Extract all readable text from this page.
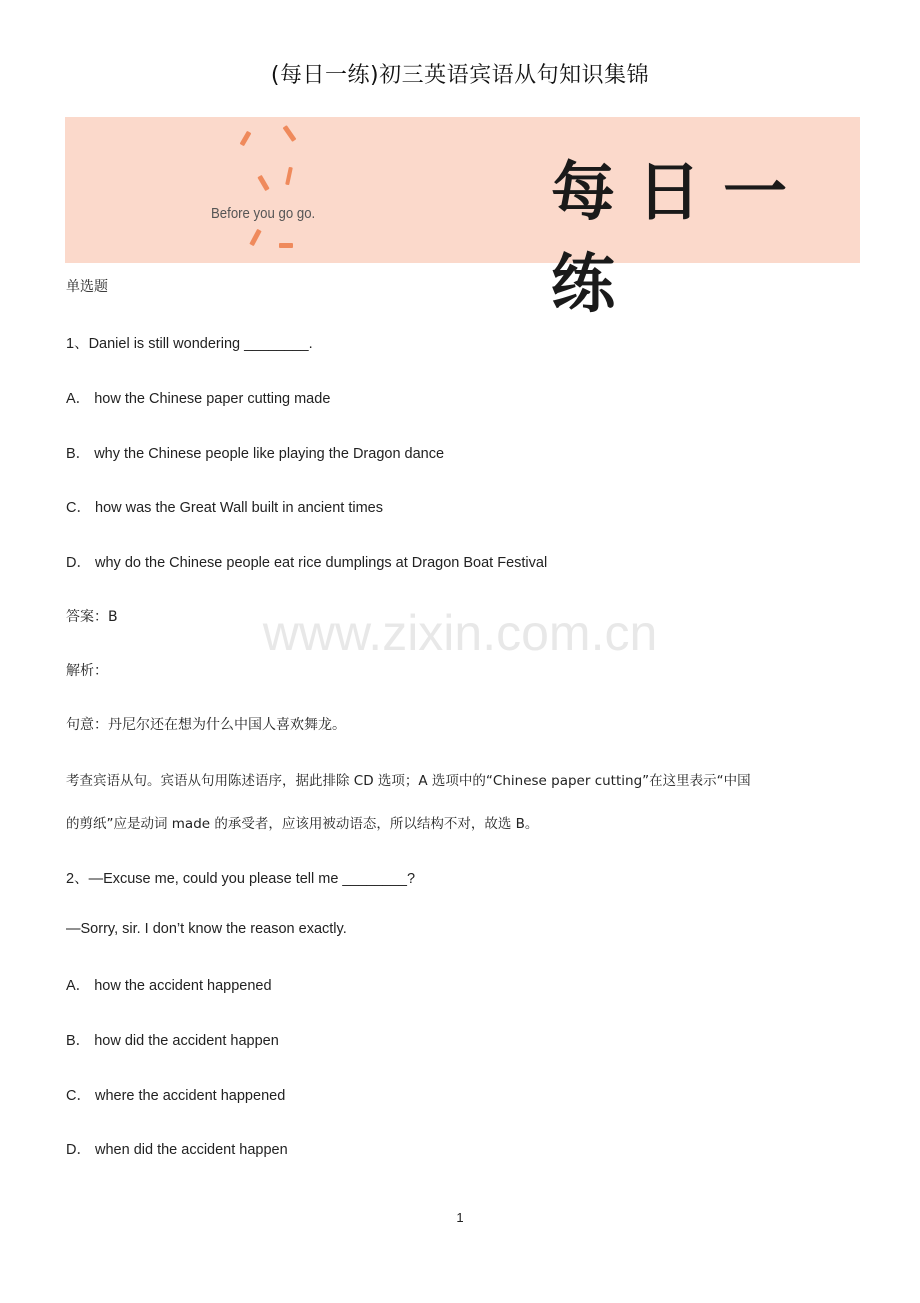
(每日一练)初三英语宾语从句知识集锦
Before you go go.	每日一练
单选题
1、Daniel is still wondering ________.
A． how the Chinese paper cutting made
B． why the Chinese people like playing the Dragon dance
C． how was the Great Wall built in ancient times
D． why do the Chinese people eat rice dumplings at Dragon Boat Festival
答案：B
解析：
句意：丹尼尔还在想为什么中国人喜欢舞龙。
考查宾语从句。宾语从句用陈述语序，据此排除 CD 选项；A 选项中的“Chinese paper cutting”在这里表示“中国
的剪纸”应是动词 made 的承受者，应该用被动语态，所以结构不对，故选 B。
2、—Excuse me, could you please tell me ________?
—Sorry, sir. I don’t know the reason exactly.
A． how the accident happened
B． how did the accident happen
C． where the accident happened
D． when did the accident happen
www.zixin.com.cn
1
